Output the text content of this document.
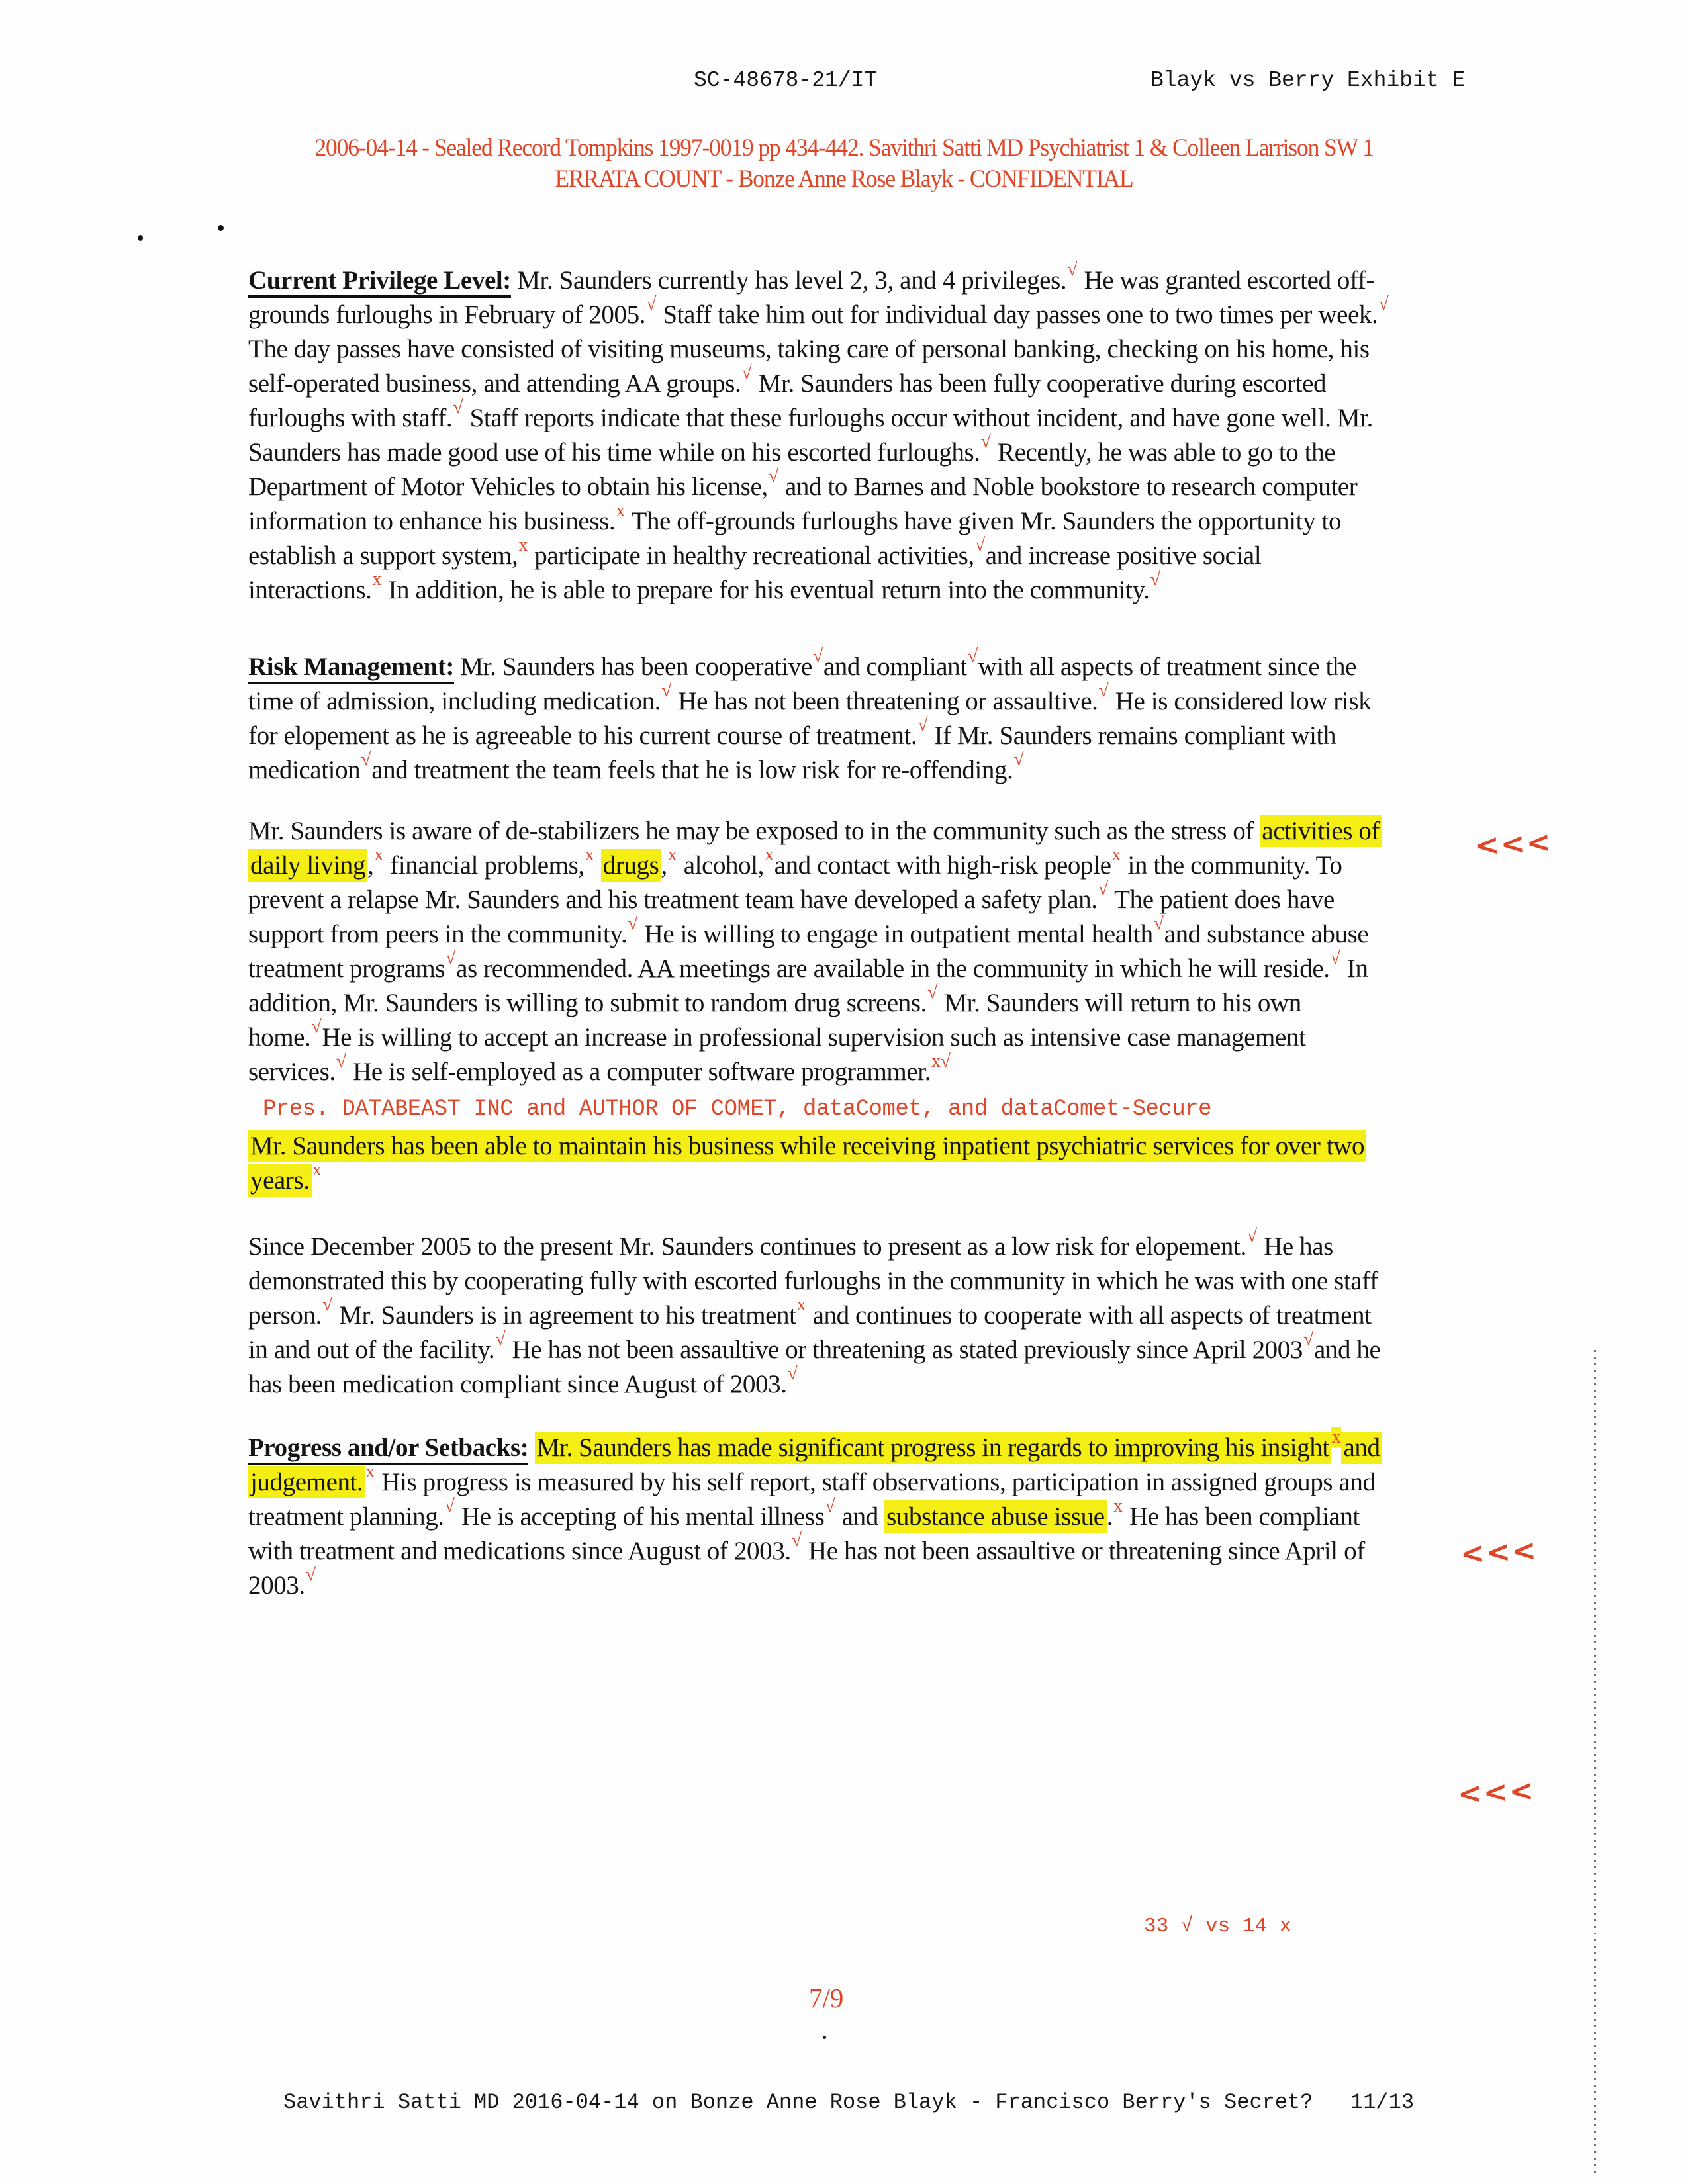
SC-48678-21/IT	Blayk vs Berry Exhibit E
2006-04-14 - Sealed Record Tompkins 1997-0019 pp 434-442. Savithri Satti MD Psychiatrist 1 & Colleen Larrison SW 1
ERRATA COUNT - Bonze Anne Rose Blayk - CONFIDENTIAL

Current Privilege Level: Mr. Saunders currently has level 2, 3, and 4 privileges.√ He was granted escorted off-grounds furloughs in February of 2005.√ Staff take him out for individual day passes one to two times per week.√ The day passes have consisted of visiting museums, taking care of personal banking, checking on his home, his self-operated business, and attending AA groups.√ Mr. Saunders has been fully cooperative during escorted furloughs with staff.√ Staff reports indicate that these furloughs occur without incident, and have gone well. Mr. Saunders has made good use of his time while on his escorted furloughs.√ Recently, he was able to go to the Department of Motor Vehicles to obtain his license,√ and to Barnes and Noble bookstore to research computer information to enhance his business.$^x$ The off-grounds furloughs have given Mr. Saunders the opportunity to establish a support system,$^x$ participate in healthy recreational activities,√and increase positive social interactions.$^x$ In addition, he is able to prepare for his eventual return into the community.√

Risk Management: Mr. Saunders has been cooperative√and compliant√with all aspects of treatment since the time of admission, including medication.√ He has not been threatening or assaultive.√ He is considered low risk for elopement as he is agreeable to his current course of treatment.√ If Mr. Saunders remains compliant with medication√and treatment the team feels that he is low risk for re-offending.√

Mr. Saunders is aware of de-stabilizers he may be exposed to in the community such as the stress of activities of daily living,$^x$ financial problems,$^x$ drugs,$^x$ alcohol,$^x$and contact with high-risk people$^x$ in the community. To prevent a relapse Mr. Saunders and his treatment team have developed a safety plan.√ The patient does have support from peers in the community.√ He is willing to engage in outpatient mental health√and substance abuse treatment programs√as recommended. AA meetings are available in the community in which he will reside.√ In addition, Mr. Saunders is willing to submit to random drug screens.√ Mr. Saunders will return to his own home.√He is willing to accept an increase in professional supervision such as intensive case management services.√ He is self-employed as a computer software programmer.$^{x√}$

Pres. DATABEAST INC and AUTHOR OF COMET, dataComet, and dataComet-Secure

Mr. Saunders has been able to maintain his business while receiving inpatient psychiatric services for over two years. $^x$

Since December 2005 to the present Mr. Saunders continues to present as a low risk for elopement.√ He has demonstrated this by cooperating fully with escorted furloughs in the community in which he was with one staff person.√ Mr. Saunders is in agreement to his treatment$^x$ and continues to cooperate with all aspects of treatment in and out of the facility.√ He has not been assaultive or threatening as stated previously since April 2003√and he has been medication compliant since August of 2003.√

Progress and/or Setbacks: Mr. Saunders has made significant progress in regards to improving his insight $^x$ and judgement. $^x$ His progress is measured by his self report, staff observations, participation in assigned groups and treatment planning.√ He is accepting of his mental illness√ and substance abuse issue.$^x$ He has been compliant with treatment and medications since August of 2003.√ He has not been assaultive or threatening since April of 2003.√

<<<
<<<
<<<
33 √ vs 14 x
7/9
Savithri Satti MD 2016-04-14 on Bonze Anne Rose Blayk - Francisco Berry's Secret? 11/13
